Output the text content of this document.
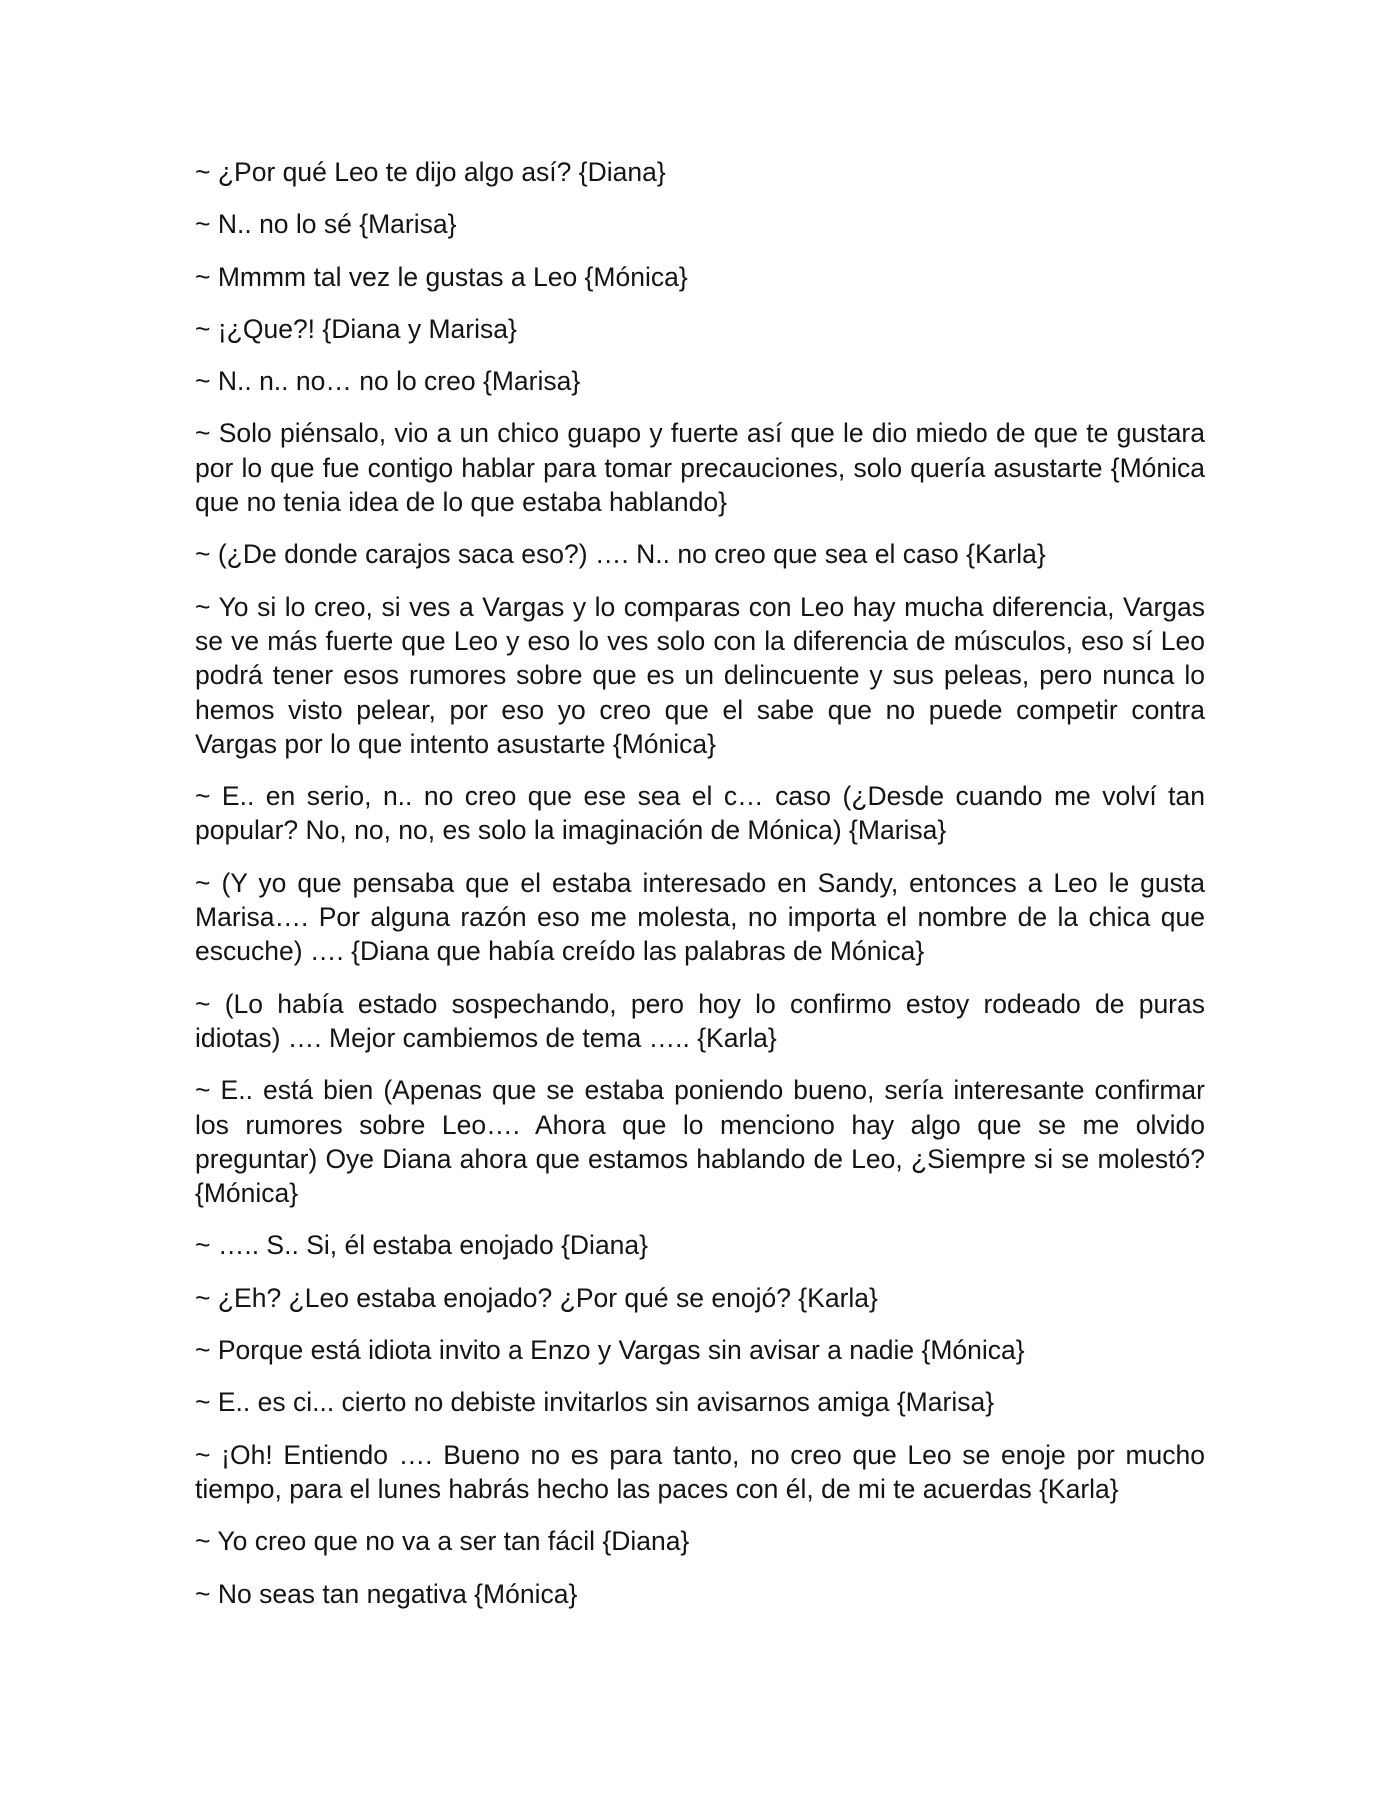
~ ¿Por qué Leo te dijo algo así? {Diana}

~ N.. no lo sé {Marisa}

~ Mmmm tal vez le gustas a Leo {Mónica}

~ ¡¿Que?! {Diana y Marisa}

~ N.. n.. no… no lo creo {Marisa}

~ Solo piénsalo, vio a un chico guapo y fuerte así que le dio miedo de que te gustara por lo que fue contigo hablar para tomar precauciones, solo quería asustarte {Mónica que no tenia idea de lo que estaba hablando}

~ (¿De donde carajos saca eso?) …. N.. no creo que sea el caso {Karla}

~ Yo si lo creo, si ves a Vargas y lo comparas con Leo hay mucha diferencia, Vargas se ve más fuerte que Leo y eso lo ves solo con la diferencia de músculos, eso sí Leo podrá tener esos rumores sobre que es un delincuente y sus peleas, pero nunca lo hemos visto pelear, por eso yo creo que el sabe que no puede competir contra Vargas por lo que intento asustarte {Mónica}

~ E.. en serio, n.. no creo que ese sea el c… caso (¿Desde cuando me volví tan popular? No, no, no, es solo la imaginación de Mónica) {Marisa}

~ (Y yo que pensaba que el estaba interesado en Sandy, entonces a Leo le gusta Marisa…. Por alguna razón eso me molesta, no importa el nombre de la chica que escuche) …. {Diana que había creído las palabras de Mónica}

~ (Lo había estado sospechando, pero hoy lo confirmo estoy rodeado de puras idiotas) …. Mejor cambiemos de tema ….. {Karla}

~ E.. está bien (Apenas que se estaba poniendo bueno, sería interesante confirmar los rumores sobre Leo…. Ahora que lo menciono hay algo que se me olvido preguntar) Oye Diana ahora que estamos hablando de Leo, ¿Siempre si se molestó? {Mónica}

~ ….. S.. Si, él estaba enojado {Diana}

~ ¿Eh? ¿Leo estaba enojado? ¿Por qué se enojó? {Karla}

~ Porque está idiota invito a Enzo y Vargas sin avisar a nadie {Mónica}

~ E.. es ci... cierto no debiste invitarlos sin avisarnos amiga {Marisa}

~ ¡Oh! Entiendo …. Bueno no es para tanto, no creo que Leo se enoje por mucho tiempo, para el lunes habrás hecho las paces con él, de mi te acuerdas {Karla}

~ Yo creo que no va a ser tan fácil {Diana}

~ No seas tan negativa {Mónica}
